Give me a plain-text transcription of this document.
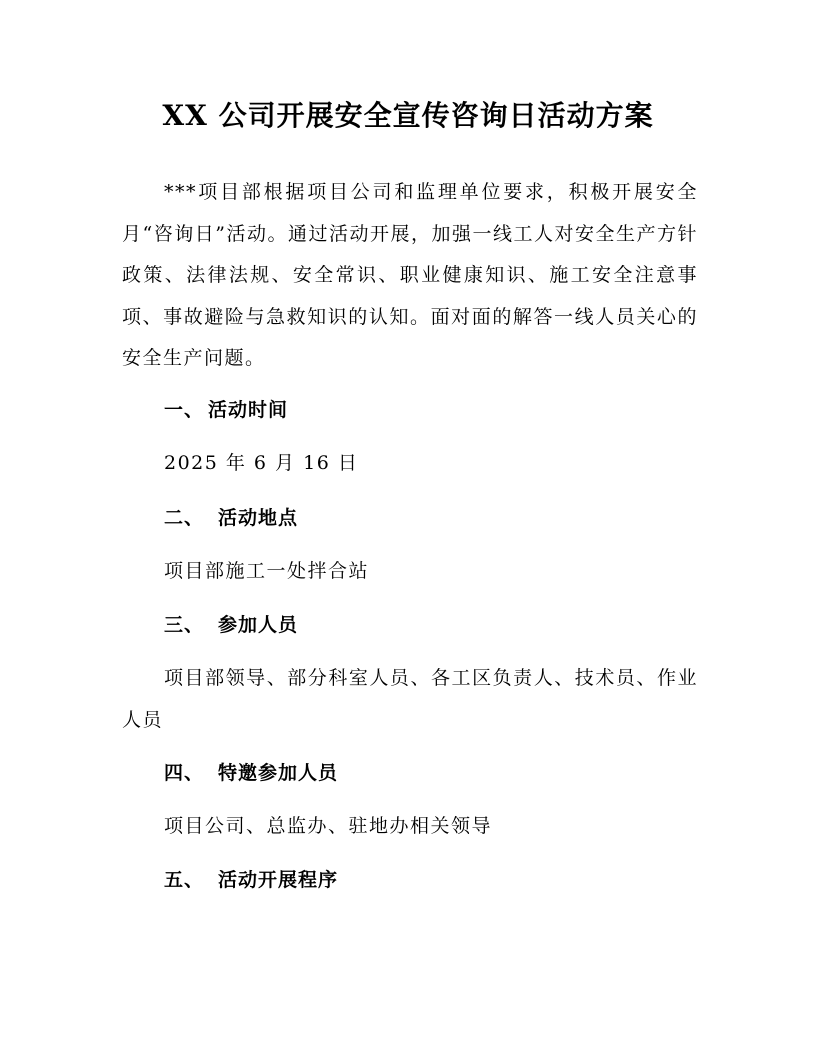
XX 公司开展安全宣传咨询日活动方案

***项目部根据项目公司和监理单位要求，积极开展安全月“咨询日”活动。通过活动开展，加强一线工人对安全生产方针政策、法律法规、安全常识、职业健康知识、施工安全注意事项、事故避险与急救知识的认知。面对面的解答一线人员关心的安全生产问题。

一、 活动时间

2025 年 6 月 16 日

二、 活动地点

项目部施工一处拌合站

三、 参加人员

项目部领导、部分科室人员、各工区负责人、技术员、作业人员

四、 特邀参加人员

项目公司、总监办、驻地办相关领导

五、 活动开展程序
